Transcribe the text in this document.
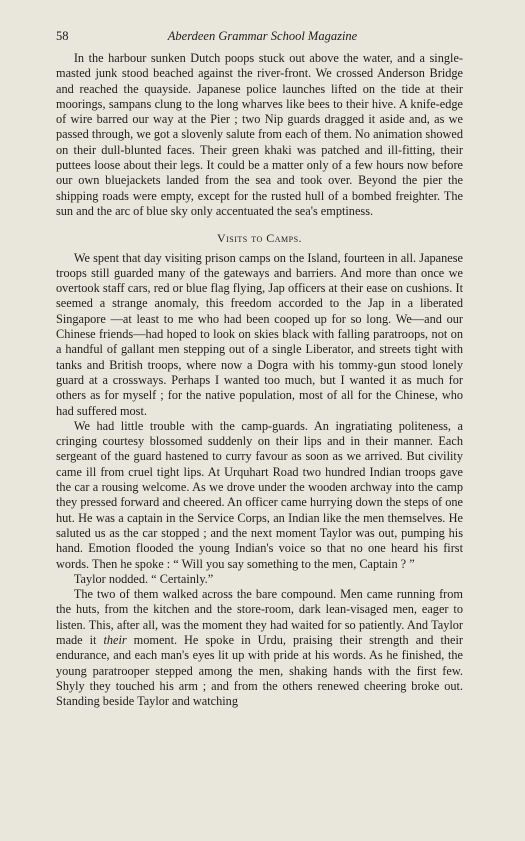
58	Aberdeen Grammar School Magazine

In the harbour sunken Dutch poops stuck out above the water, and a single-masted junk stood beached against the river-front. We crossed Anderson Bridge and reached the quayside. Japanese police launches lifted on the tide at their moorings, sampans clung to the long wharves like bees to their hive. A knife-edge of wire barred our way at the Pier ; two Nip guards dragged it aside and, as we passed through, we got a slovenly salute from each of them. No animation showed on their dull-blunted faces. Their green khaki was patched and ill-fitting, their puttees loose about their legs. It could be a matter only of a few hours now before our own bluejackets landed from the sea and took over. Beyond the pier the shipping roads were empty, except for the rusted hull of a bombed freighter. The sun and the arc of blue sky only accentuated the sea's emptiness.

Visits to Camps.

We spent that day visiting prison camps on the Island, fourteen in all. Japanese troops still guarded many of the gateways and barriers. And more than once we overtook staff cars, red or blue flag flying, Jap officers at their ease on cushions. It seemed a strange anomaly, this freedom accorded to the Jap in a liberated Singapore —at least to me who had been cooped up for so long. We—and our Chinese friends—had hoped to look on skies black with falling paratroops, not on a handful of gallant men stepping out of a single Liberator, and streets tight with tanks and British troops, where now a Dogra with his tommy-gun stood lonely guard at a crossways. Perhaps I wanted too much, but I wanted it as much for others as for myself ; for the native population, most of all for the Chinese, who had suffered most.

We had little trouble with the camp-guards. An ingratiating politeness, a cringing courtesy blossomed suddenly on their lips and in their manner. Each sergeant of the guard hastened to curry favour as soon as we arrived. But civility came ill from cruel tight lips. At Urquhart Road two hundred Indian troops gave the car a rousing welcome. As we drove under the wooden archway into the camp they pressed forward and cheered. An officer came hurrying down the steps of one hut. He was a captain in the Service Corps, an Indian like the men themselves. He saluted us as the car stopped ; and the next moment Taylor was out, pumping his hand. Emotion flooded the young Indian's voice so that no one heard his first words. Then he spoke : “ Will you say something to the men, Captain ? ”

Taylor nodded. “ Certainly.”

The two of them walked across the bare compound. Men came running from the huts, from the kitchen and the store-room, dark lean-visaged men, eager to listen. This, after all, was the moment they had waited for so patiently. And Taylor made it their moment. He spoke in Urdu, praising their strength and their endurance, and each man's eyes lit up with pride at his words. As he finished, the young paratrooper stepped among the men, shaking hands with the first few. Shyly they touched his arm ; and from the others renewed cheering broke out. Standing beside Taylor and watching
